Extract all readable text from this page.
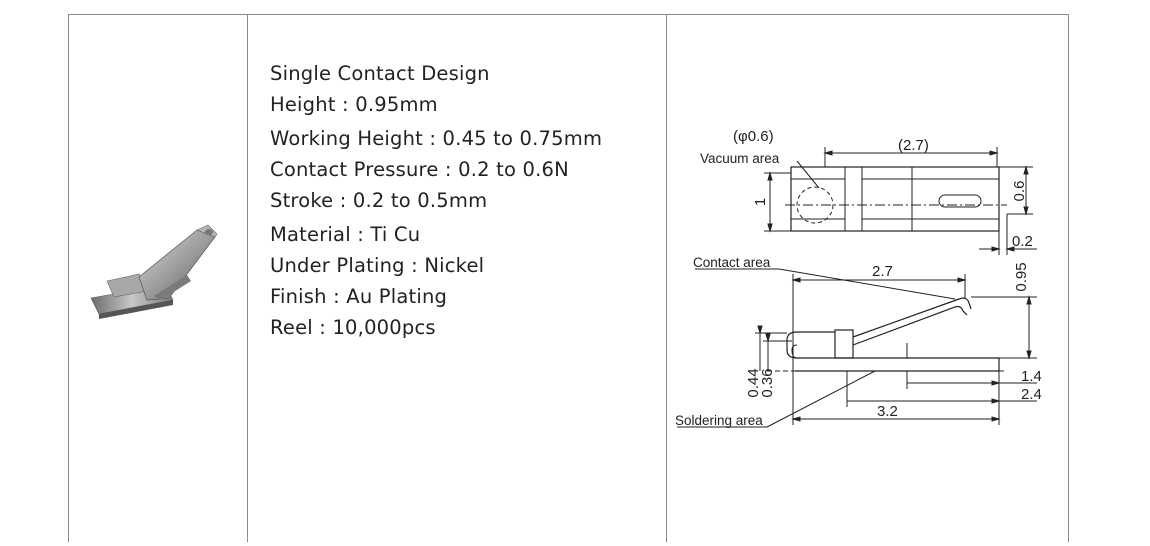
Single Contact Design
Height : 0.95mm
Working Height : 0.45 to 0.75mm
Contact Pressure : 0.2 to 0.6N
Stroke : 0.2 to 0.5mm
Material : Ti Cu
Under Plating : Nickel
Finish : Au Plating
Reel : 10,000pcs
(φ0.6)
Vacuum area
(2.7)
1
0.6
0.2
Contact area
2.7	0.95
0.44
0.36	1.4
2.4
3.2
Soldering area
